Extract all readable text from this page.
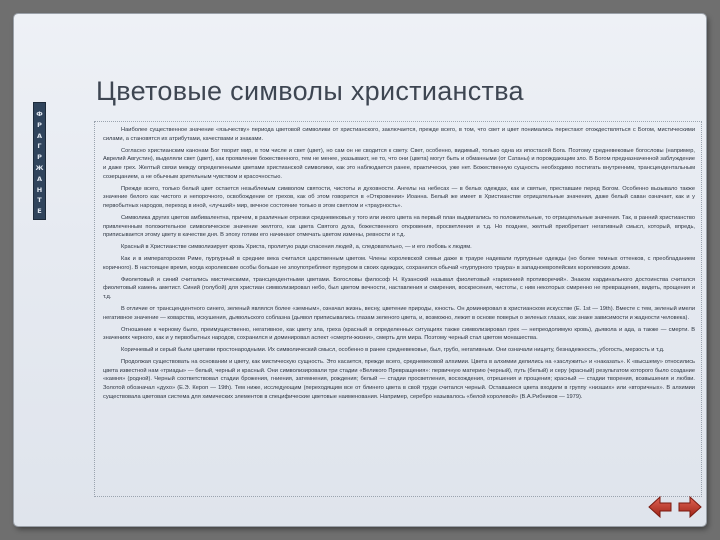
Цветовые символы христианства
Ф
Р
А
Г
Р
Ж
А
Н
Т
Е

Наиболее существенное значение «язычеству» периода цветовой символики от христианского, заключается, прежде всего, в том, что свет и цвет понимались перестают отождествляться с Богом, мистическими силами, а становятся их атрибутами, качествами и знаками.

Согласно христианским канонам Бог творит мир, в том числе и свет (цвет), но сам он не сводится к свету. Свет, особенно, видимый, только одна из ипостасей Бога. Поэтому средневековые богословы (например, Аврелий Августин), выделяли свет (цвет), как проявление божественного, тем не менее, указывают, не то, что они (цвета) могут быть и обманными (от Сатаны) и порождающим зло. В Богом предназначенной заблуждение и даже грех. Желтый связи между определенными цветами христианской символики, как это наблюдается ранее, практически, уже нет. Божественную сущность необходимо постигать внутренним, трансцендентальным созерцанием, а не обычным зрительным чувством и красочностью.

Прежде всего, только белый цвет остается незыблемым символом святости, чистоты и духовности. Ангелы на небесах — в белых одеждах, как и святые, преставшие перед Богом. Особенно вызывало также значение белого как чистого и непорочного, освобождение от грехов, как об этом говорится в «Откровении» Иоанна. Белый же имеет в Христианстве отрицательные значения, даже белый саван означает, как и у первобытных народов, переход в иной, «лучший» мир, вечное состояние только в этом светлом и «траурность».

Символика других цветов амбивалентна, причем, в различные отрезки средневековья у того или иного цвета на первый план выдвигались то положительные, то отрицательные значения. Так, в ранний христианство привлеченным положительное символическое значение желтого, как цвета Святого духа, божественного откровения, просветления и т.д. Но позднее, желтый приобретает негативный смысл, который, впредь, приписывается этому цвету в качестве дня. В эпоху готики его начинают отмечать цветом измены, ревности и т.д.

Красный в Христианстве символизирует кровь Христа, пролитую ради спасения людей, а, следовательно, — и его любовь к людям.

Как и в императорском Риме, пурпурный в средние века считался царственным цветом. Члены королевской семьи даже в трауре надевали пурпурные одежды (но более темных оттенков, с преобладанием коричного). В настоящее время, когда королевские особы больше не злоупотребляют пурпуром в своих одеждах, сохранился обычай «пурпурного траура» в западноевропейских королевских домах.

Фиолетовый и синий считались мистическими, трансцендентными цветами. Богословы философ Н. Кузанский называл фиолетовый «гармонией противоречий». Знаком кардинального достоинства считался фиолетовый камень аметист. Синий (голубой) для христиан символизировал небо, был цветом вечности, наставления и смирения, воскресения, чистоты, с ним некоторых смиренно не превращения, видеть, прощения и т.д.

В отличие от трансцендентного синего, зеленый являлся более «земным», означал жизнь, весну, цветение природы, юность. Он доминировал в христианском искусстве (Е. 1st — 19th). Вместе с тем, зеленый имели негативное значение — коварства, искушения, дьявольского соблазна (дьявол приписывались глазам зеленого цвета, и, возможно, лежит в основе поверья о зеленых глазах, как знаке зависимости и жадности человека).

Отношение к черному было, преимущественно, негативное, как цвету зла, греха (красный в определенных ситуациях также символизировал грех — непреодолимую кровь), дьявола и ада, а также — смерти. В значениях черного, как и у первобытных народов, сохранился и доминировал аспект «смерти-жизни», смерть для мира. Поэтому черный стал цветом монашества.

Коричневый и серый были цветами простонародными. Их символический смысл, особенно в ранее средневековье, был, грубо, негативным. Они означали нищету, безнадежность, убогость, мерзость и т.д.

Продолжая существовать на основании и цвету, как мистическую сущность. Это касается, прежде всего, средневековой алхимии. Цвета в алхимии делились на «заслужить» и «наказать». К «высшему» относились цвета известной нам «триады» — белый, черный и красный. Они символизировали три стадии «Великого Превращения»: первичную материю (черный), путь (белый) и серу (красный) результатом которого было создание «камня» (родной). Черный соответствовал стадии брожения, гниения, затемнения, рождения; белый — стадии просветления, восхождения, отрешения и прощения; красный — стадии творения, возвышения и любви. Золотой обозначал «духо» (Е.Э. Кероп — 19th). Тем ниже, исследующим (переходящим все от блинего цвета в свой труде считался черный. Оставшиеся цвета входили в группу «низших» или «вторичных». В алхимии существовала цветовая система для химических элементов в специфические цветовые наименования. Например, серебро называлось «белой королевой» (В.А.Рибников — 1979).
